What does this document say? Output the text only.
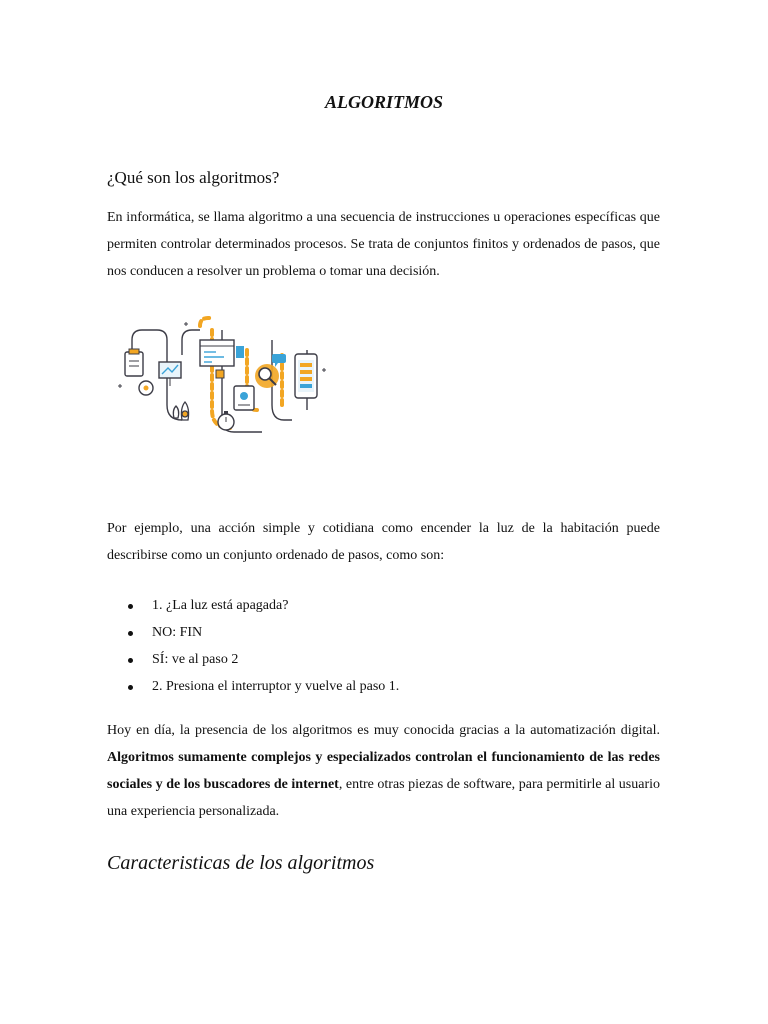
ALGORITMOS
¿Qué son los algoritmos?

En informática, se llama algoritmo a una secuencia de instrucciones u operaciones específicas que permiten controlar determinados procesos. Se trata de conjuntos finitos y ordenados de pasos, que nos conducen a resolver un problema o tomar una decisión.

Por ejemplo, una acción simple y cotidiana como encender la luz de la habitación puede describirse como un conjunto ordenado de pasos, como son:

1. ¿La luz está apagada?
NO: FIN
SÍ: ve al paso 2
2. Presiona el interruptor y vuelve al paso 1.

Hoy en día, la presencia de los algoritmos es muy conocida gracias a la automatización digital. Algoritmos sumamente complejos y especializados controlan el funcionamiento de las redes sociales y de los buscadores de internet, entre otras piezas de software, para permitirle al usuario una experiencia personalizada.

Caracteristicas de los algoritmos
